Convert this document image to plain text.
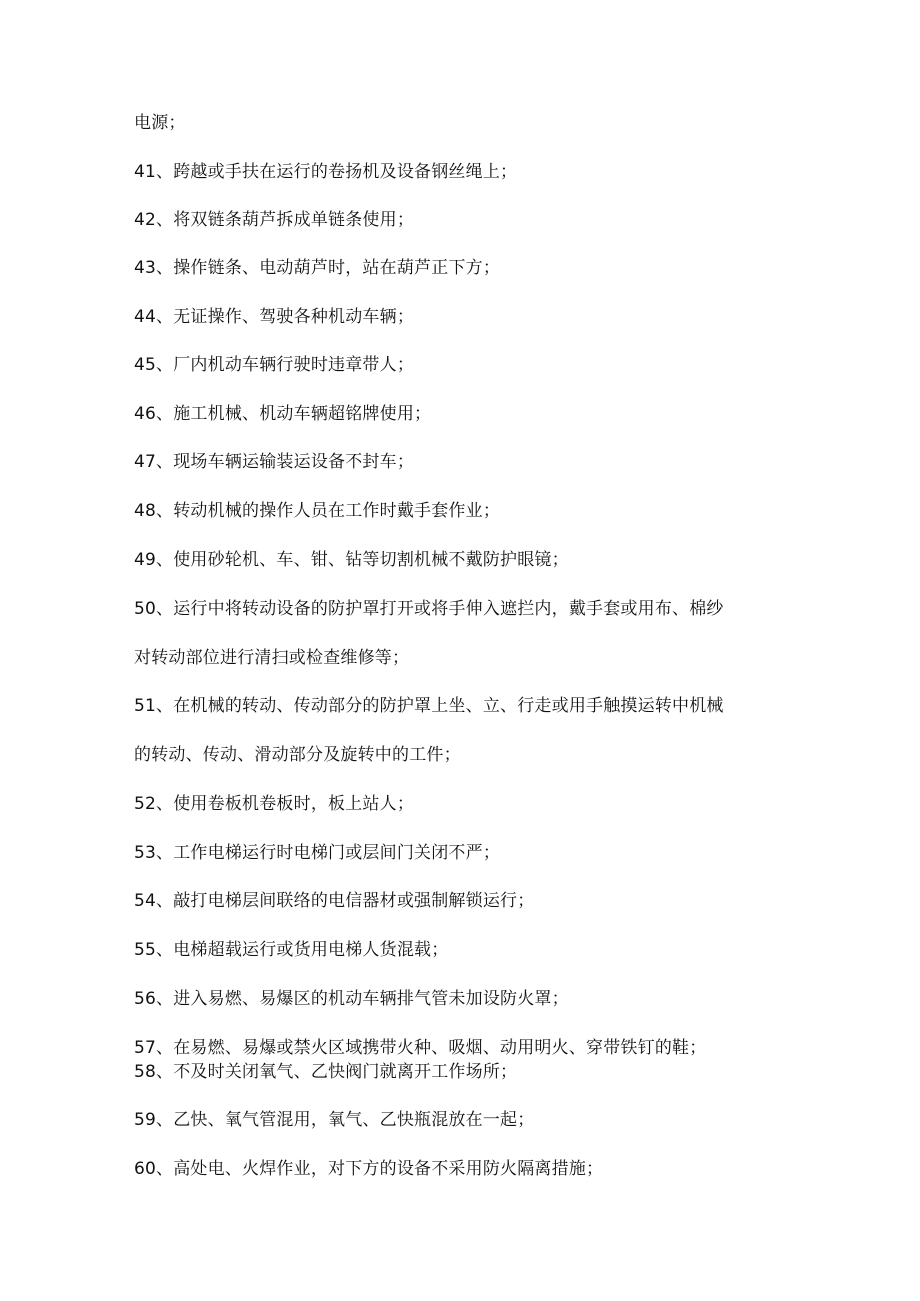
电源；
41、跨越或手扶在运行的卷扬机及设备钢丝绳上；
42、将双链条葫芦拆成单链条使用；
43、操作链条、电动葫芦时，站在葫芦正下方；
44、无证操作、驾驶各种机动车辆；
45、厂内机动车辆行驶时违章带人；
46、施工机械、机动车辆超铭牌使用；
47、现场车辆运输装运设备不封车；
48、转动机械的操作人员在工作时戴手套作业；
49、使用砂轮机、车、钳、钻等切割机械不戴防护眼镜；
50、运行中将转动设备的防护罩打开或将手伸入遮拦内，戴手套或用布、棉纱
对转动部位进行清扫或检查维修等；
51、在机械的转动、传动部分的防护罩上坐、立、行走或用手触摸运转中机械
的转动、传动、滑动部分及旋转中的工件；
52、使用卷板机卷板时，板上站人；
53、工作电梯运行时电梯门或层间门关闭不严；
54、敲打电梯层间联络的电信器材或强制解锁运行；
55、电梯超载运行或货用电梯人货混载；
56、进入易燃、易爆区的机动车辆排气管未加设防火罩；
57、在易燃、易爆或禁火区域携带火种、吸烟、动用明火、穿带铁钉的鞋；
58、不及时关闭氧气、乙快阀门就离开工作场所；
59、乙快、氧气管混用，氧气、乙快瓶混放在一起；
60、高处电、火焊作业，对下方的设备不采用防火隔离措施；
